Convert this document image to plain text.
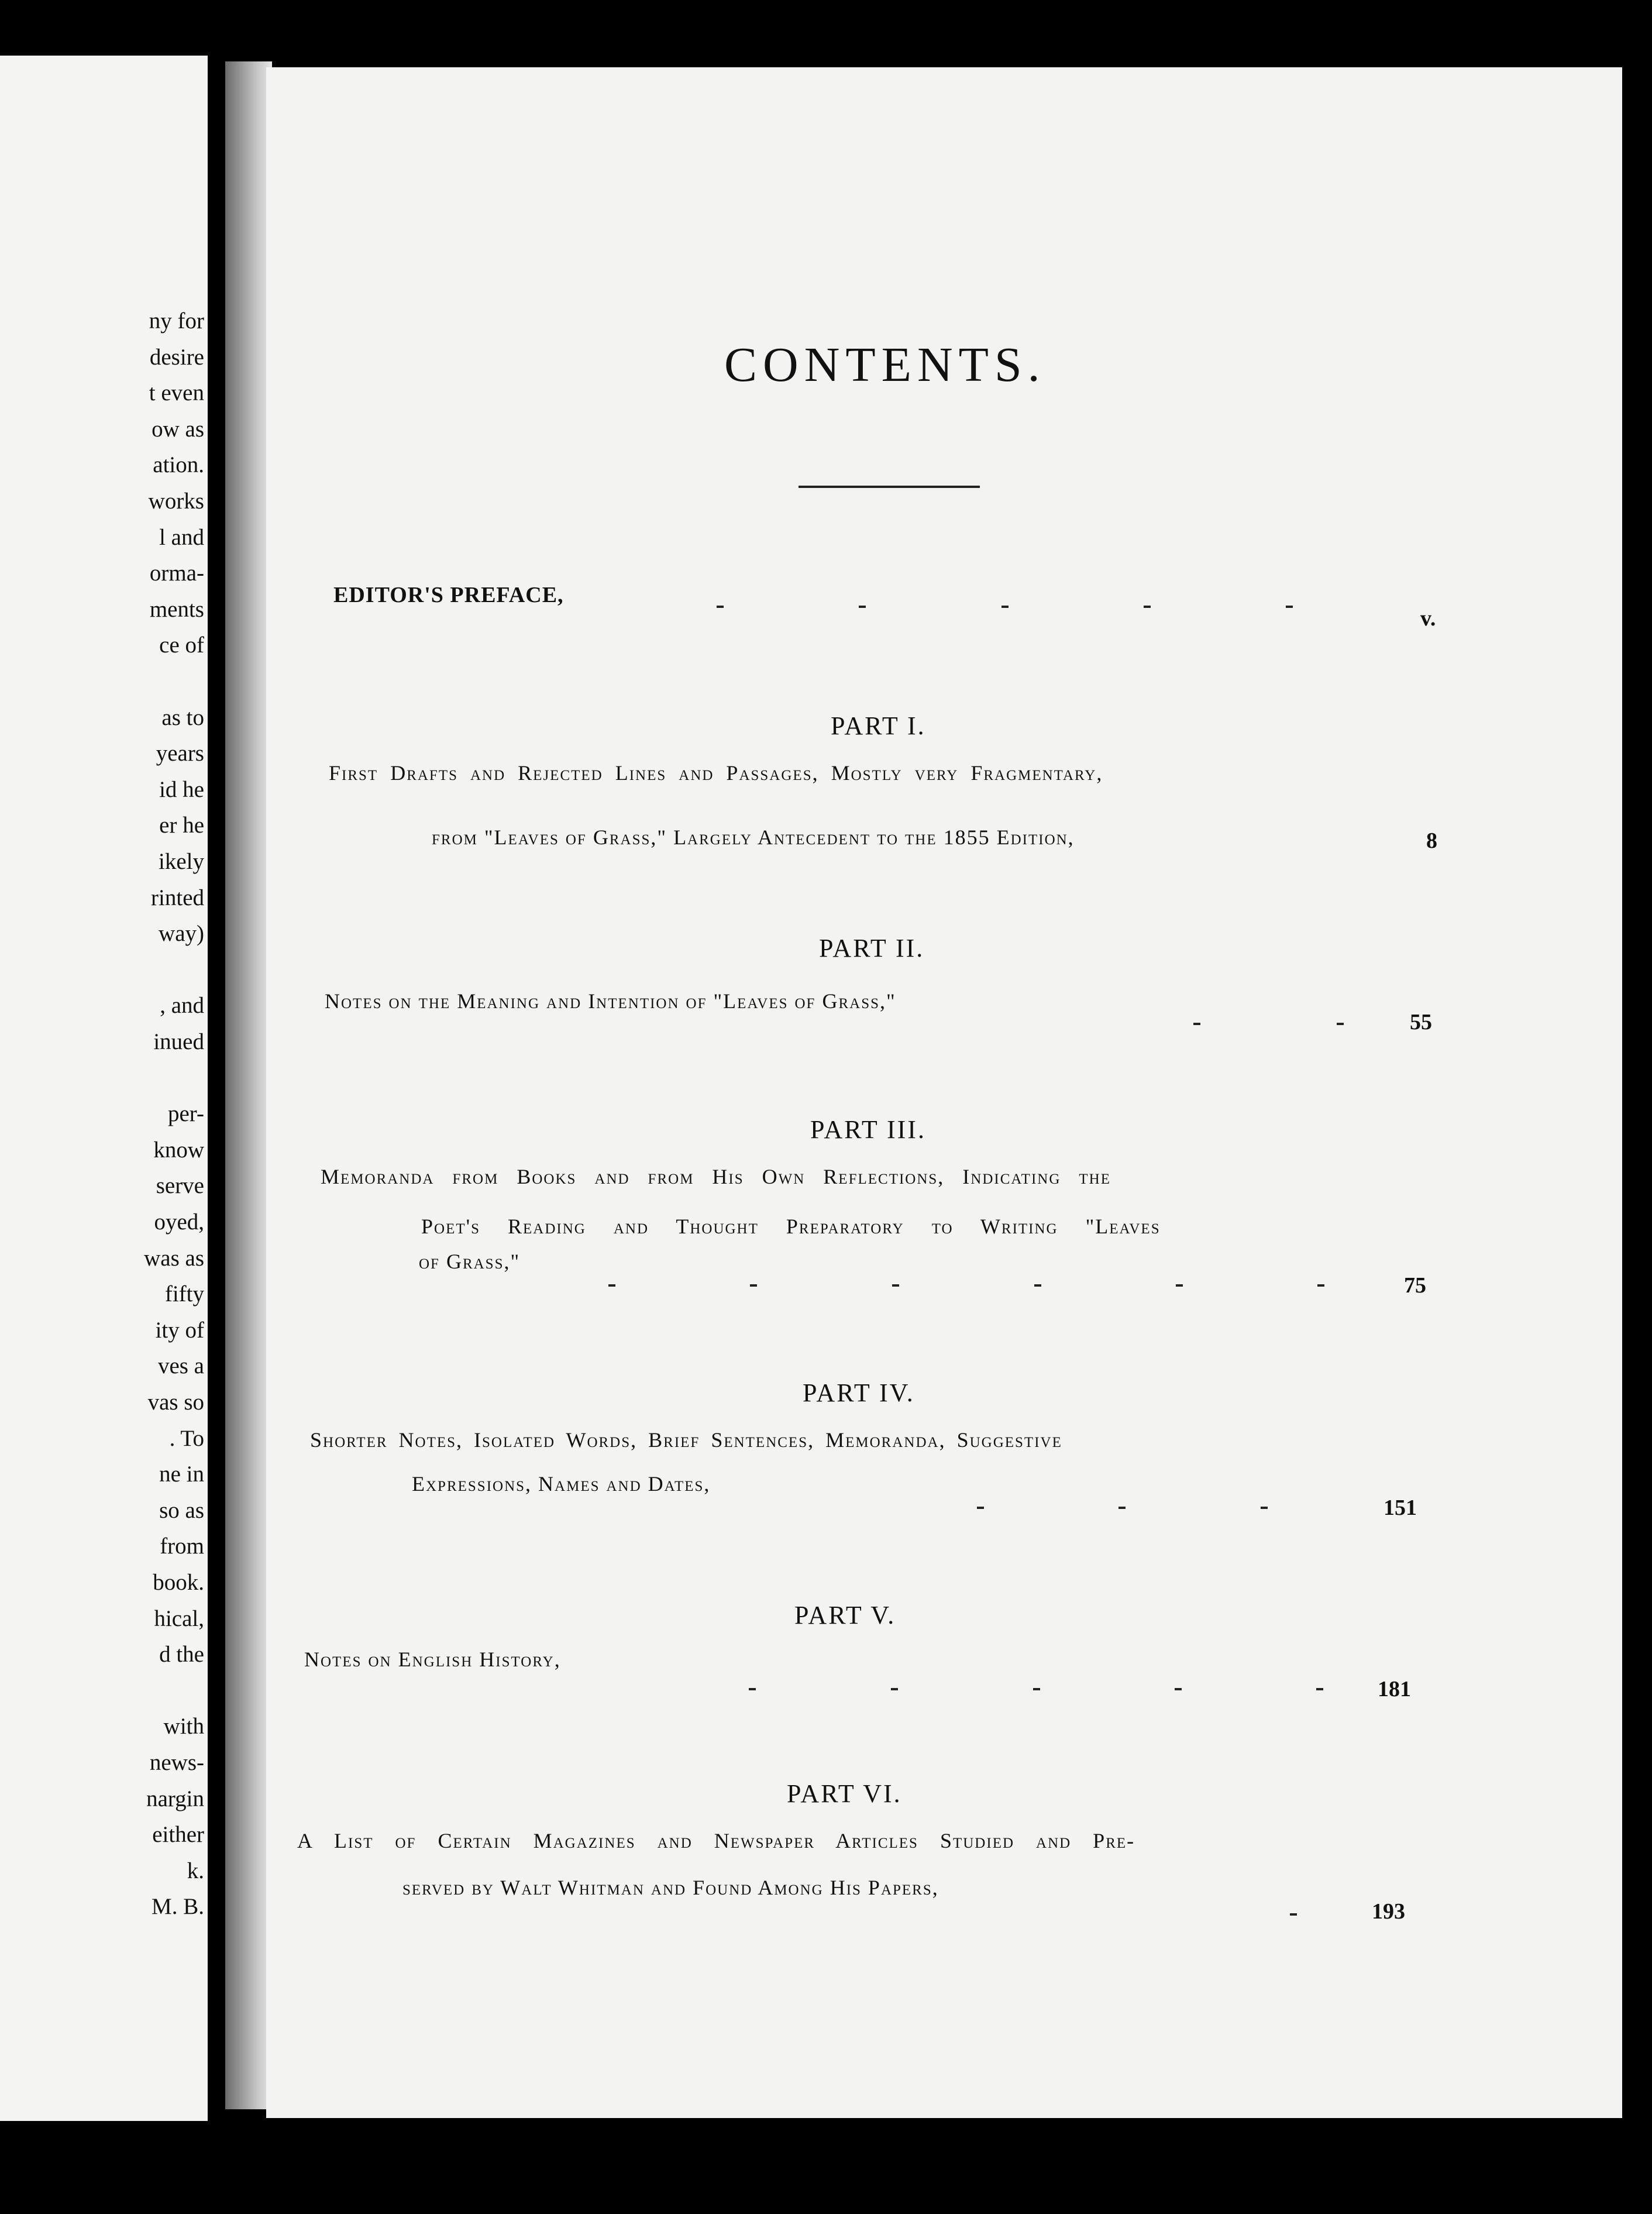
ny for
desire
t even
ow as
ation.
works
l and
orma-
ments
ce of
as to
years
id he
er he
ikely
rinted
way)
, and
inued
per-
know
serve
oyed,
was as
fifty
ity of
ves a
vas so
. To
ne in
so as
from
book.
hical,
d the
with
news-
nargin
either
k.
M. B.
CONTENTS.
EDITOR'S PREFACE,
v.
PART I.
First Drafts and Rejected Lines and Passages, Mostly very Fragmentary,
from "Leaves of Grass," Largely Antecedent to the 1855 Edition,	8
PART II.
Notes on the Meaning and Intention of "Leaves of Grass,"
55
PART III.
Memoranda from Books and from His Own Reflections, Indicating the
Poet's Reading and Thought Preparatory to Writing "Leaves
of Grass,"
75
PART IV.
Shorter Notes, Isolated Words, Brief Sentences, Memoranda, Suggestive
Expressions, Names and Dates,
151
PART V.
Notes on English History,
181
PART VI.
A List of Certain Magazines and Newspaper Articles Studied and Pre-
served by Walt Whitman and Found Among His Papers,
193
